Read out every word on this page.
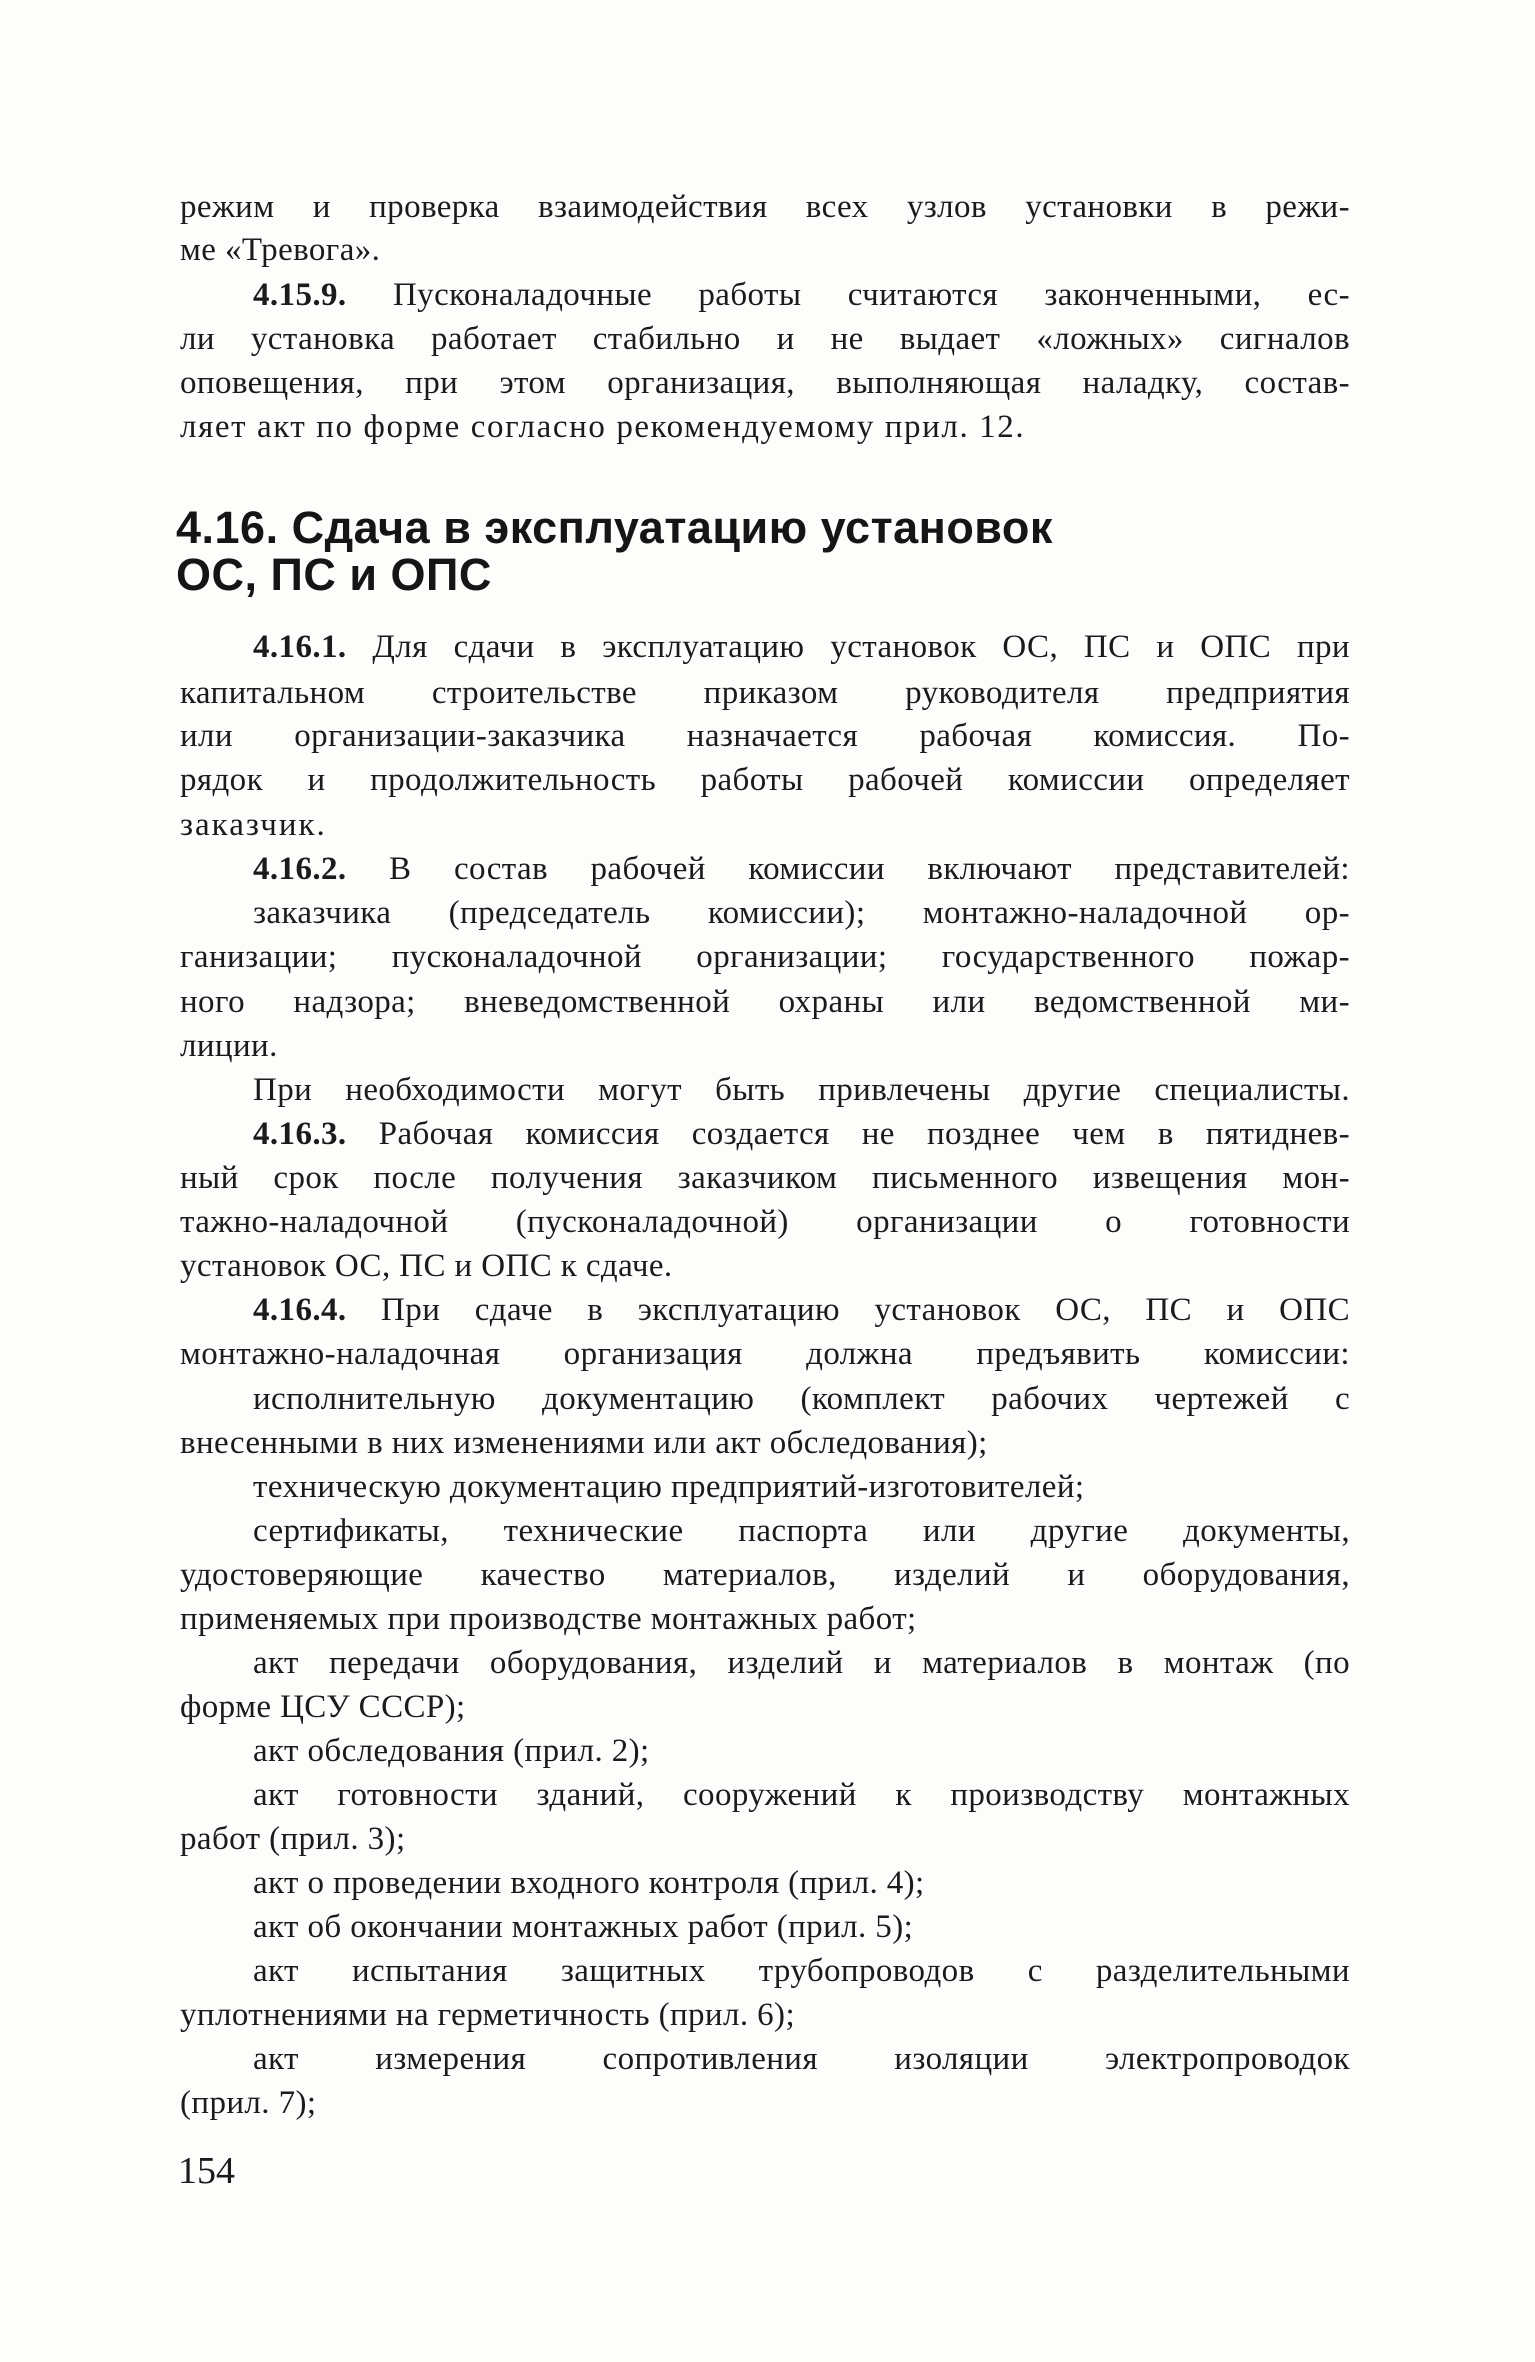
режим и проверка взаимодействия всех узлов установки в режи-
ме «Тревога».
4.15.9. Пусконаладочные работы считаются законченными, ес-
ли установка работает стабильно и не выдает «ложных» сигналов
оповещения, при этом организация, выполняющая наладку, состав-
ляет акт по форме согласно рекомендуемому прил. 12.
4.16. Сдача в эксплуатацию установок
ОС, ПС и ОПС
4.16.1. Для сдачи в эксплуатацию установок ОС, ПС и ОПС при
капитальном строительстве приказом руководителя предприятия
или организации-заказчика назначается рабочая комиссия. По-
рядок и продолжительность работы рабочей комиссии определяет
заказчик.
4.16.2. В состав рабочей комиссии включают представителей:
заказчика (председатель комиссии); монтажно-наладочной ор-
ганизации; пусконаладочной организации; государственного пожар-
ного надзора; вневедомственной охраны или ведомственной ми-
лиции.
При необходимости могут быть привлечены другие специалисты.
4.16.3. Рабочая комиссия создается не позднее чем в пятиднев-
ный срок после получения заказчиком письменного извещения мон-
тажно-наладочной (пусконаладочной) организации о готовности
установок ОС, ПС и ОПС к сдаче.
4.16.4. При сдаче в эксплуатацию установок ОС, ПС и ОПС
монтажно-наладочная организация должна предъявить комиссии:
исполнительную документацию (комплект рабочих чертежей с
внесенными в них изменениями или акт обследования);
техническую документацию предприятий-изготовителей;
сертификаты, технические паспорта или другие документы,
удостоверяющие качество материалов, изделий и оборудования,
применяемых при производстве монтажных работ;
акт передачи оборудования, изделий и материалов в монтаж (по
форме ЦСУ СССР);
акт обследования (прил. 2);
акт готовности зданий, сооружений к производству монтажных
работ (прил. 3);
акт о проведении входного контроля (прил. 4);
акт об окончании монтажных работ (прил. 5);
акт испытания защитных трубопроводов с разделительными
уплотнениями на герметичность (прил. 6);
акт измерения сопротивления изоляции электропроводок
(прил. 7);
154
